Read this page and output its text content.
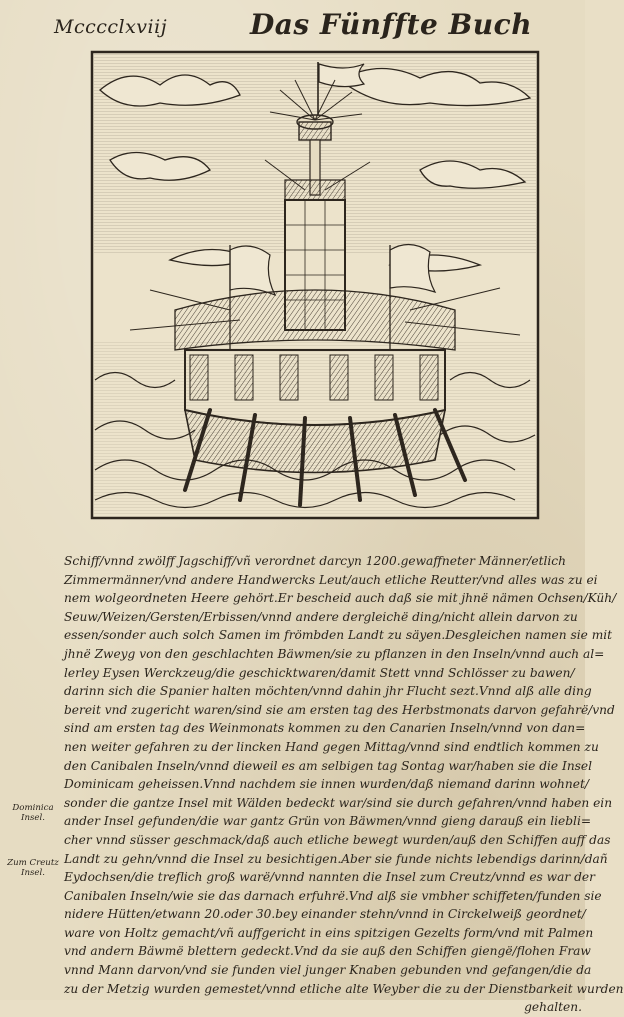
Mcccclxviij	Das Fünffte Buch
Dominica
Insel.
Zum Creutz
Insel.
Schiff/vnnd zwölff Jagschiff/vñ verordnet darcyn 1200.gewaffneter Männer/etlich
Zimmermänner/vnd andere Handwercks Leut/auch etliche Reutter/vnd alles was zu ei
nem wolgeordneten Heere gehört.Er bescheid auch daß sie mit jhnë nämen Ochsen/Küh/
Seuw/Weizen/Gersten/Erbissen/vnnd andere dergleichë ding/nicht allein darvon zu
essen/sonder auch solch Samen im frömbden Landt zu säyen.Desgleichen namen sie mit
jhnë Zweyg von den geschlachten Bäwmen/sie zu pflanzen in den Inseln/vnnd auch al=
lerley Eysen Werckzeug/die geschicktwaren/damit Stett vnnd Schlösser zu bawen/
darinn sich die Spanier halten möchten/vnnd dahin jhr Flucht sezt.Vnnd alß alle ding
bereit vnd zugericht waren/sind sie am ersten tag des Herbstmonats darvon gefahrë/vnd
sind am ersten tag des Weinmonats kommen zu den Canarien Inseln/vnnd von dan=
nen weiter gefahren zu der lincken Hand gegen Mittag/vnnd sind endtlich kommen zu
den Canibalen Inseln/vnnd dieweil es am selbigen tag Sontag war/haben sie die Insel
Dominicam geheissen.Vnnd nachdem sie innen wurden/daß niemand darinn wohnet/
sonder die gantze Insel mit Wälden bedeckt war/sind sie durch gefahren/vnnd haben ein
ander Insel gefunden/die war gantz Grün von Bäwmen/vnnd gieng darauß ein liebli=
cher vnnd süsser geschmack/daß auch etliche bewegt wurden/auß den Schiffen auff das
Landt zu gehn/vnnd die Insel zu besichtigen.Aber sie funde nichts lebendigs darinn/dañ
Eydochsen/die treflich groß warë/vnnd nannten die Insel zum Creutz/vnnd es war der
Canibalen Inseln/wie sie das darnach erfuhrë.Vnd alß sie vmbher schiffeten/funden sie
nidere Hütten/etwann 20.oder 30.bey einander stehn/vnnd in Circkelweiß geordnet/
ware von Holtz gemacht/vñ auffgericht in eins spitzigen Gezelts form/vnd mit Palmen
vnd andern Bäwmë blettern gedeckt.Vnd da sie auß den Schiffen giengë/flohen Fraw
vnnd Mann darvon/vnd sie funden viel junger Knaben gebunden vnd gefangen/die da
zu der Metzig wurden gemestet/vnnd etliche alte Weyber die zu der Dienstbarkeit wurden
gehalten.
